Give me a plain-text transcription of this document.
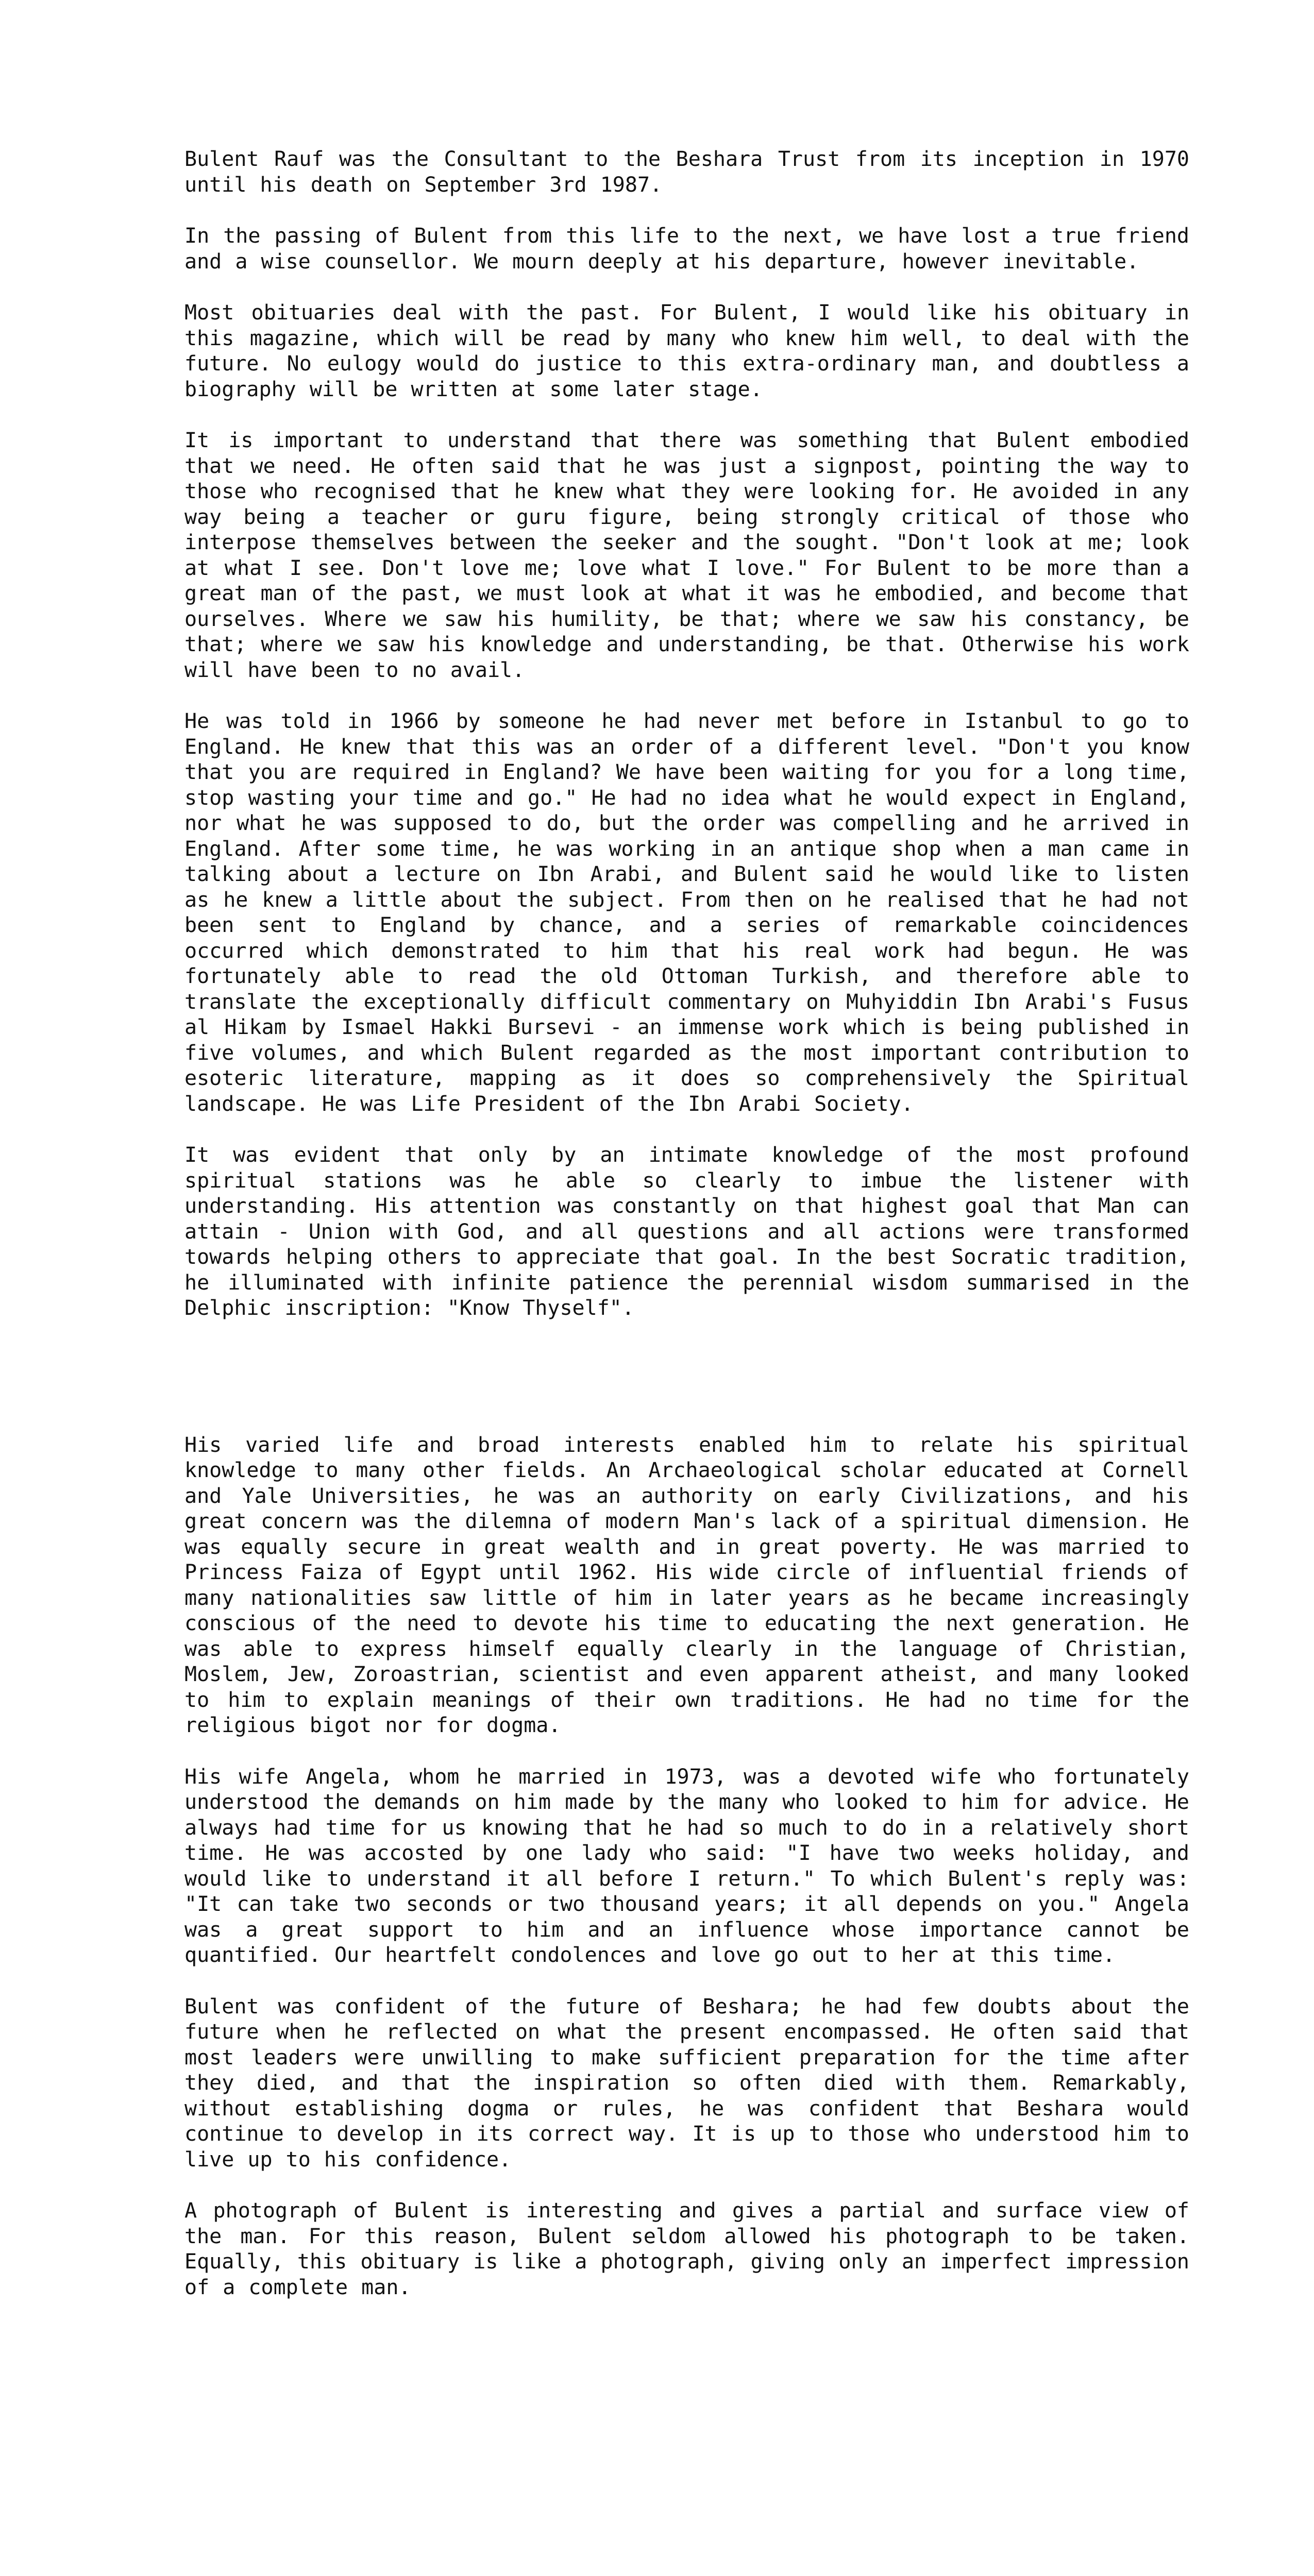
Bulent Rauf was the Consultant to the Beshara Trust from its inception in 1970 until his death on September 3rd 1987.

In the passing of Bulent from this life to the next, we have lost a true friend and a wise counsellor. We mourn deeply at his departure, however inevitable.

Most obituaries deal with the past. For Bulent, I would like his obituary in this magazine, which will be read by many who knew him well, to deal with the future. No eulogy would do justice to this extra-ordinary man, and doubtless a biography will be written at some later stage.

It is important to understand that there was something that Bulent embodied that we need. He often said that he was just a signpost, pointing the way to those who recognised that he knew what they were looking for. He avoided in any way being a teacher or guru figure, being strongly critical of those who interpose themselves between the seeker and the sought. "Don't look at me; look at what I see. Don't love me; love what I love." For Bulent to be more than a great man of the past, we must look at what it was he embodied, and become that ourselves. Where we saw his humility, be that; where we saw his constancy, be that; where we saw his knowledge and understanding, be that. Otherwise his work will have been to no avail.

He was told in 1966 by someone he had never met before in Istanbul to go to England. He knew that this was an order of a different level. "Don't you know that you are required in England? We have been waiting for you for a long time, stop wasting your time and go." He had no idea what he would expect in England, nor what he was supposed to do, but the order was compelling and he arrived in England. After some time, he was working in an antique shop when a man came in talking about a lecture on Ibn Arabi, and Bulent said he would like to listen as he knew a little about the subject. From then on he realised that he had not been sent to England by chance, and a series of remarkable coincidences occurred which demonstrated to him that his real work had begun. He was fortunately able to read the old Ottoman Turkish, and therefore able to translate the exceptionally difficult commentary on Muhyiddin Ibn Arabi's Fusus al Hikam by Ismael Hakki Bursevi - an immense work which is being published in five volumes, and which Bulent regarded as the most important contribution to esoteric literature, mapping as it does so comprehensively the Spiritual landscape. He was Life President of the Ibn Arabi Society.

It was evident that only by an intimate knowledge of the most profound spiritual stations was he able so clearly to imbue the listener with understanding. His attention was constantly on that highest goal that Man can attain - Union with God, and all questions and all actions were transformed towards helping others to appreciate that goal. In the best Socratic tradition, he illuminated with infinite patience the perennial wisdom summarised in the Delphic inscription: "Know Thyself".

His varied life and broad interests enabled him to relate his spiritual knowledge to many other fields. An Archaeological scholar educated at Cornell and Yale Universities, he was an authority on early Civilizations, and his great concern was the dilemna of modern Man's lack of a spiritual dimension. He was equally secure in great wealth and in great poverty. He was married to Princess Faiza of Egypt until 1962. His wide circle of influential friends of many nationalities saw little of him in later years as he became increasingly conscious of the need to devote his time to educating the next generation. He was able to express himself equally clearly in the language of Christian, Moslem, Jew, Zoroastrian, scientist and even apparent atheist, and many looked to him to explain meanings of their own traditions. He had no time for the religious bigot nor for dogma.

His wife Angela, whom he married in 1973, was a devoted wife who fortunately understood the demands on him made by the many who looked to him for advice. He always had time for us knowing that he had so much to do in a relatively short time. He was accosted by one lady who said: "I have two weeks holiday, and would like to understand it all before I return." To which Bulent's reply was: "It can take two seconds or two thousand years; it all depends on you." Angela was a great support to him and an influence whose importance cannot be quantified. Our heartfelt condolences and love go out to her at this time.

Bulent was confident of the future of Beshara; he had few doubts about the future when he reflected on what the present encompassed. He often said that most leaders were unwilling to make sufficient preparation for the time after they died, and that the inspiration so often died with them. Remarkably, without establishing dogma or rules, he was confident that Beshara would continue to develop in its correct way. It is up to those who understood him to live up to his confidence.

A photograph of Bulent is interesting and gives a partial and surface view of the man. For this reason, Bulent seldom allowed his photograph to be taken. Equally, this obituary is like a photograph, giving only an imperfect impression of a complete man.
